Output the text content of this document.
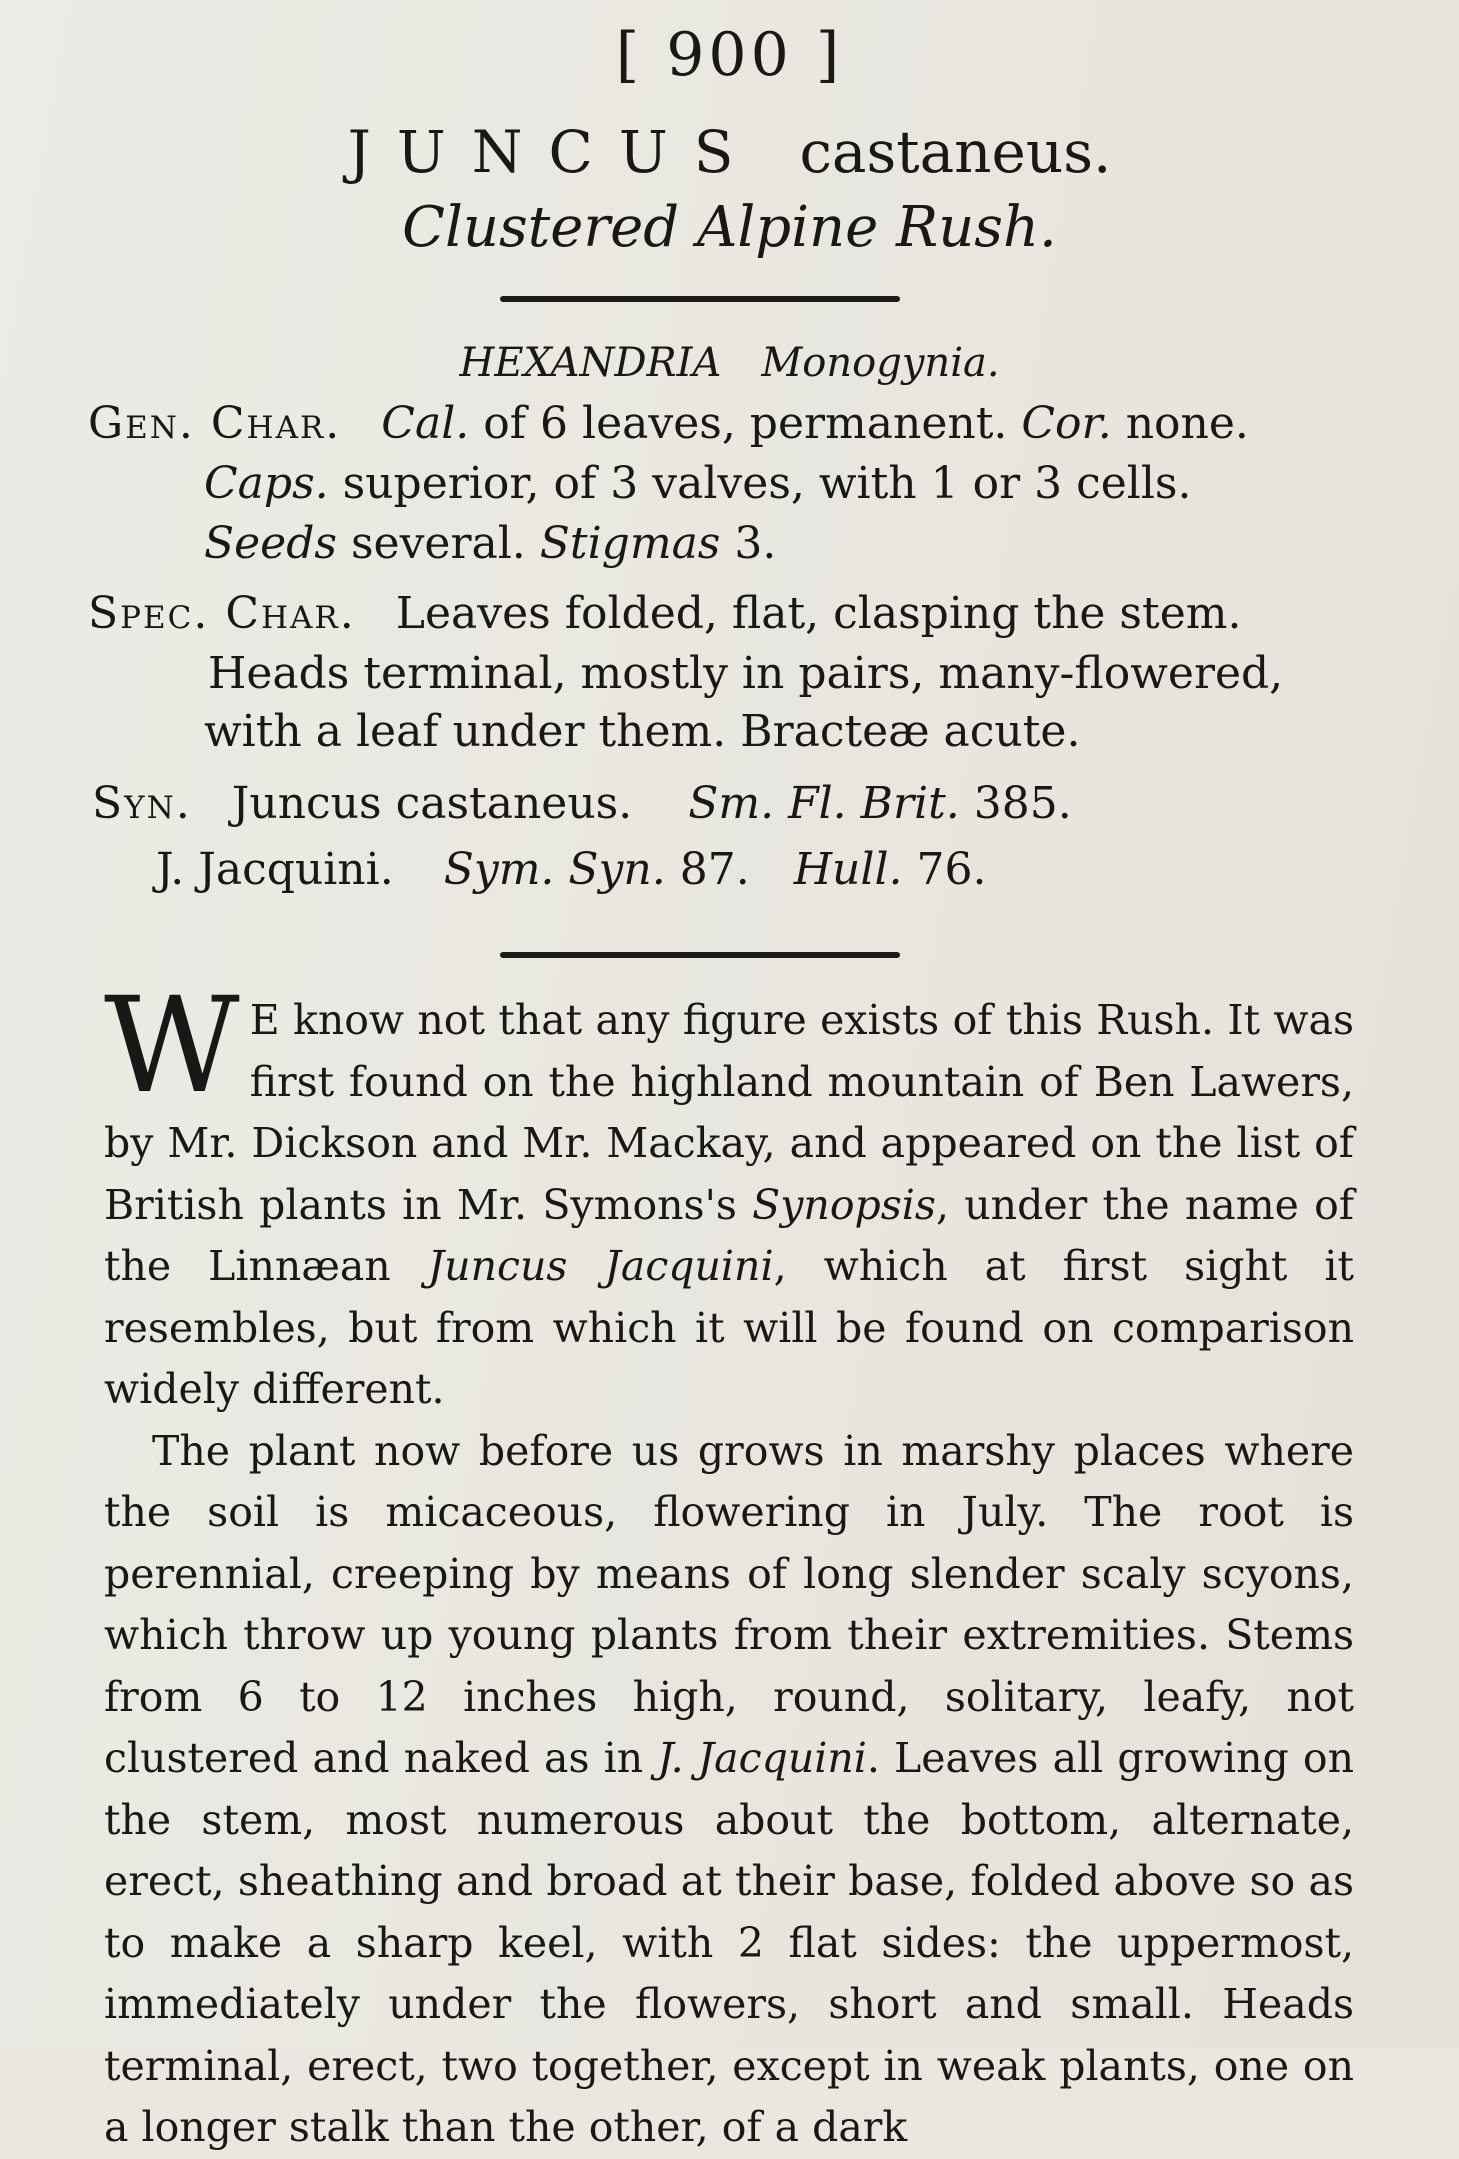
[ 900 ]
JUNCUS castaneus.
Clustered Alpine Rush.
HEXANDRIA Monogynia.
Gen. Char. Cal. of 6 leaves, permanent. Cor. none.
Caps. superior, of 3 valves, with 1 or 3 cells.
Seeds several. Stigmas 3.
Spec. Char. Leaves folded, flat, clasping the stem.
Heads terminal, mostly in pairs, many-flowered,
with a leaf under them. Bracteæ acute.
Syn. Juncus castaneus. Sm. Fl. Brit. 385.
J. Jacquini. Sym. Syn. 87. Hull. 76.

W E know not that any figure exists of this Rush. It was first found on the highland mountain of Ben Lawers, by Mr. Dickson and Mr. Mackay, and appeared on the list of British plants in Mr. Symons's Synopsis, under the name of the Linnæan Juncus Jacquini, which at first sight it resembles, but from which it will be found on comparison widely different.

The plant now before us grows in marshy places where the soil is micaceous, flowering in July. The root is perennial, creeping by means of long slender scaly scyons, which throw up young plants from their extremities. Stems from 6 to 12 inches high, round, solitary, leafy, not clustered and naked as in J. Jacquini. Leaves all growing on the stem, most numerous about the bottom, alternate, erect, sheathing and broad at their base, folded above so as to make a sharp keel, with 2 flat sides: the uppermost, immediately under the flowers, short and small. Heads terminal, erect, two together, except in weak plants, one on a longer stalk than the other, of a dark
